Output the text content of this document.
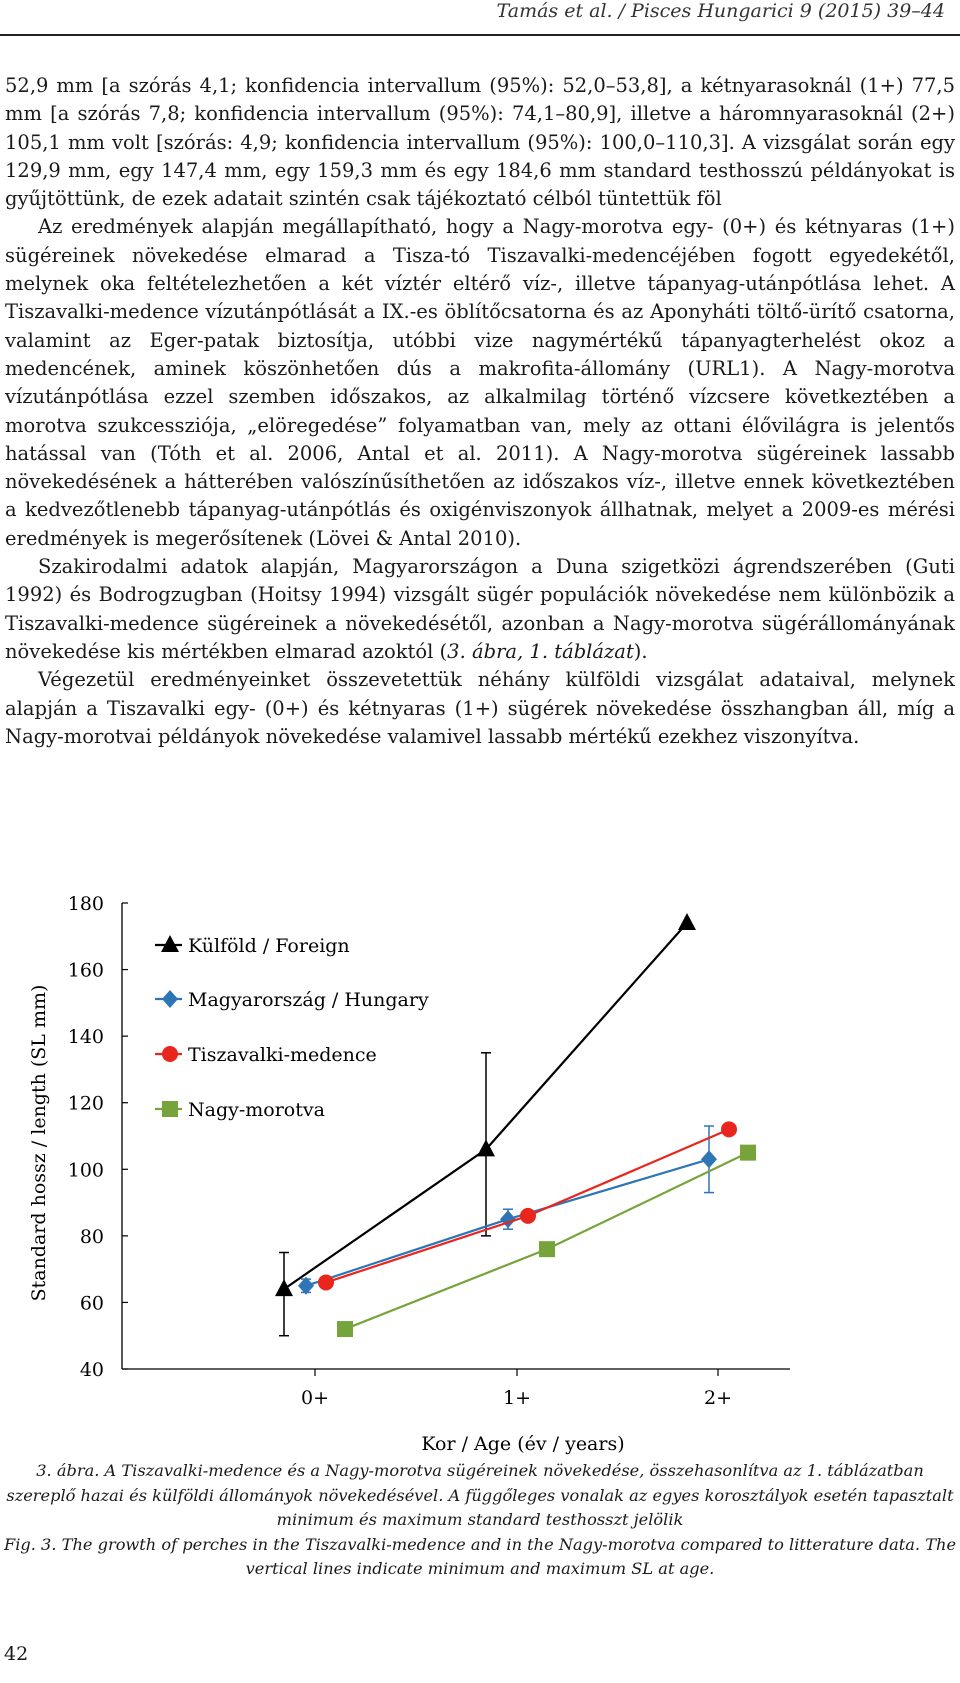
Tamás et al. / Pisces Hungarici 9 (2015) 39–44

52,9 mm [a szórás 4,1; konfidencia intervallum (95%): 52,0–53,8], a kétnyarasoknál (1+) 77,5 mm [a szórás 7,8; konfidencia intervallum (95%): 74,1–80,9], illetve a háromnyarasoknál (2+) 105,1 mm volt [szórás: 4,9; konfidencia intervallum (95%): 100,0–110,3]. A vizsgálat során egy 129,9 mm, egy 147,4 mm, egy 159,3 mm és egy 184,6 mm standard testhosszú példányokat is gyűjtöttünk, de ezek adatait szintén csak tájékoztató célból tüntettük föl

Az eredmények alapján megállapítható, hogy a Nagy-morotva egy- (0+) és kétnyaras (1+) sügéreinek növekedése elmarad a Tisza-tó Tiszavalki-medencéjében fogott egyedekétől, melynek oka feltételezhetően a két víztér eltérő víz-, illetve tápanyag-utánpótlása lehet. A Tiszavalki-medence vízutánpótlását a IX.-es öblítőcsatorna és az Aponyháti töltő-ürítő csatorna, valamint az Eger-patak biztosítja, utóbbi vize nagymértékű tápanyagterhelést okoz a medencének, aminek köszönhetően dús a makrofita-állomány (URL1). A Nagy-morotva vízutánpótlása ezzel szemben időszakos, az alkalmilag történő vízcsere következtében a morotva szukcessziója, „elöregedése” folyamatban van, mely az ottani élővilágra is jelentős hatással van (Tóth et al. 2006, Antal et al. 2011). A Nagy-morotva sügéreinek lassabb növekedésének a hátterében valószínűsíthetően az időszakos víz-, illetve ennek következtében a kedvezőtlenebb tápanyag-utánpótlás és oxigénviszonyok állhatnak, melyet a 2009-es mérési eredmények is megerősítenek (Lövei & Antal 2010).

Szakirodalmi adatok alapján, Magyarországon a Duna szigetközi ágrendszerében (Guti 1992) és Bodrogzugban (Hoitsy 1994) vizsgált sügér populációk növekedése nem különbözik a Tiszavalki-medence sügéreinek a növekedésétől, azonban a Nagy-morotva sügérállományának növekedése kis mértékben elmarad azoktól (3. ábra, 1. táblázat).

Végezetül eredményeinket összevetettük néhány külföldi vizsgálat adataival, melynek alapján a Tiszavalki egy- (0+) és kétnyaras (1+) sügérek növekedése összhangban áll, míg a Nagy-morotvai példányok növekedése valamivel lassabb mértékű ezekhez viszonyítva.

40
60
80
100
120
140
160
180
0+	1+	2+
Kor / Age (év / years)
Standard hossz / length (SL mm)
Külföld / Foreign
Magyarország / Hungary
Tiszavalki-medence
Nagy-morotva

3. ábra. A Tiszavalki-medence és a Nagy-morotva sügéreinek növekedése, összehasonlítva az 1. táblázatban szereplő hazai és külföldi állományok növekedésével. A függőleges vonalak az egyes korosztályok esetén tapasztalt minimum és maximum standard testhosszt jelölik

Fig. 3. The growth of perches in the Tiszavalki-medence and in the Nagy-morotva compared to litterature data. The vertical lines indicate minimum and maximum SL at age.

42
